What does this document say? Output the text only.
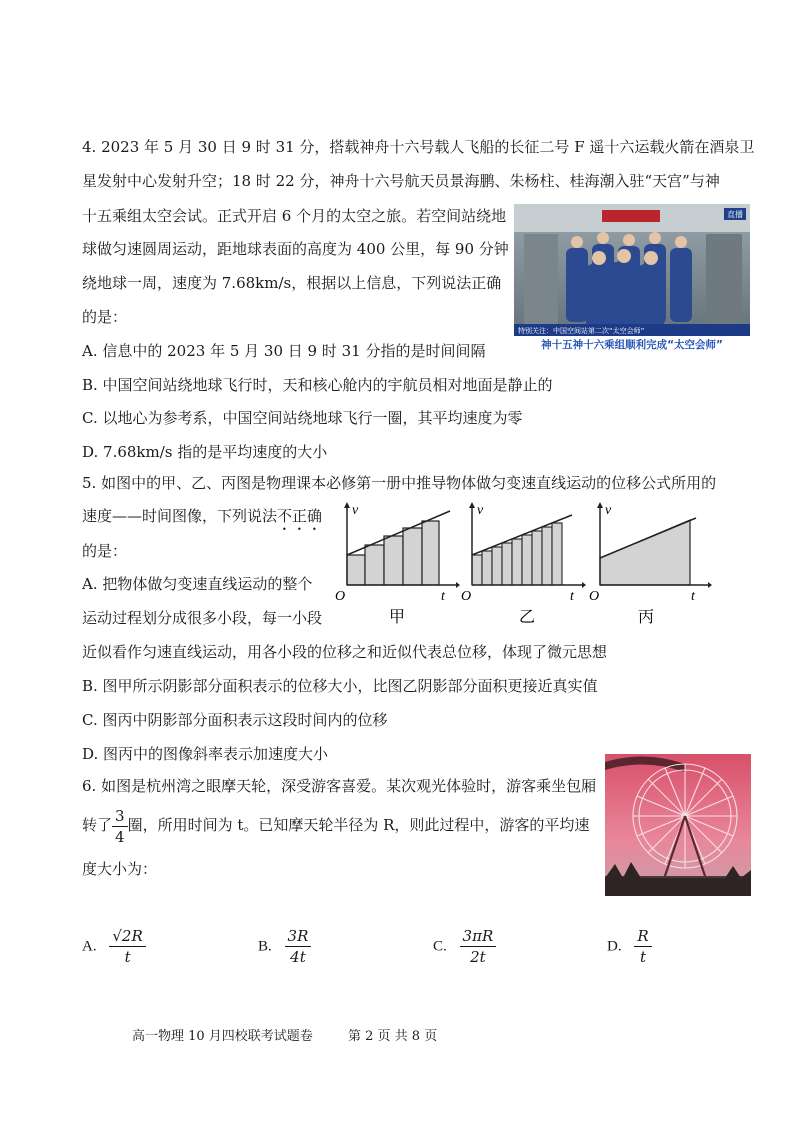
4. 2023 年 5 月 30 日 9 时 31 分，搭载神舟十六号载人飞船的长征二号 F 遥十六运载火箭在酒泉卫
星发射中心发射升空；18 时 22 分，神舟十六号航天员景海鹏、朱杨柱、桂海潮入驻“天宫”与神
十五乘组太空会试。正式开启 6 个月的太空之旅。若空间站绕地
球做匀速圆周运动，距地球表面的高度为 400 公里，每 90 分钟
绕地球一周，速度为 7.68km/s，根据以上信息，下列说法正确
的是：
A. 信息中的 2023 年 5 月 30 日 9 时 31 分指的是时间间隔
B. 中国空间站绕地球飞行时，天和核心舱内的宇航员相对地面是静止的
C. 以地心为参考系，中国空间站绕地球飞行一圈，其平均速度为零
D. 7.68km/s 指的是平均速度的大小
直播
特别关注：中国空间站第二次“太空会师”
神十五神十六乘组顺利完成“太空会师”
5. 如图中的甲、乙、丙图是物理课本必修第一册中推导物体做匀变速直线运动的位移公式所用的
速度——时间图像，下列说法不正确
的是：
A. 把物体做匀变速直线运动的整个
运动过程划分成很多小段，每一小段
近似看作匀速直线运动，用各小段的位移之和近似代表总位移，体现了微元思想
B. 图甲所示阴影部分面积表示的位移大小，比图乙阴影部分面积更接近真实值
C. 图丙中阴影部分面积表示这段时间内的位移
D. 图丙中的图像斜率表示加速度大小
v
t
O
甲
v
t
O
乙
v
t
O
丙
6. 如图是杭州湾之眼摩天轮，深受游客喜爱。某次观光体验时，游客乘坐包厢
转了 $\frac{3}{4}$ 圈，所用时间为 t。已知摩天轮半径为 R，则此过程中，游客的平均速
度大小为：
A. $\frac{√2R}{t}$	B. $\frac{3R}{4t}$	C. $\frac{3\pi R}{2t}$	D. $\frac{R}{t}$
高一物理 10 月四校联考试题卷	第 2 页 共 8 页
